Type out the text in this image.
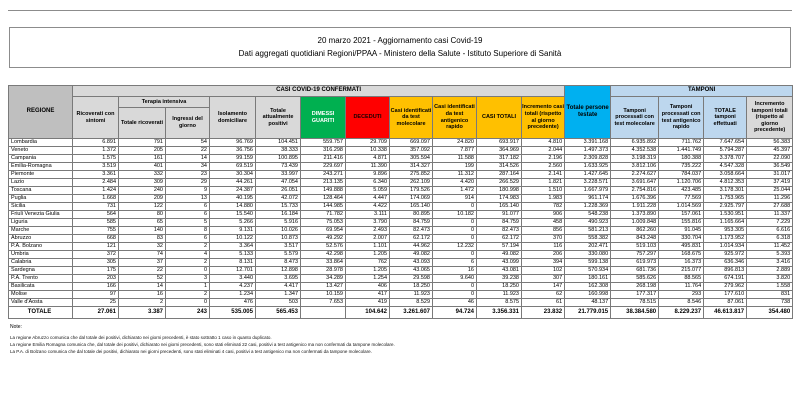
20 marzo 2021 - Aggiornamento casi Covid-19
Dati aggregati quotidiani Regioni/PPAA - Ministero della Salute - Istituto Superiore di Sanità
REGIONE	CASI COVID-19 CONFERMATI											Totale persone testate	TAMPONI			
	Ricoverati con sintomi	Terapia intensiva		Isolamento domiciliare	Totale attualmente positivi	DIMESSI GUARITI	DECEDUTI	Casi identificati da test molecolare	Casi identificati da test antigenico rapido	CASI TOTALI	Incremento casi totali (rispetto al giorno precedente)		Tamponi processati con test molecolare	Tamponi processati con test antigenico rapido	TOTALE tamponi effettuati	Incremento tamponi totali (rispetto al giorno precedente)
		Totale ricoverati	Ingressi del giorno													
Lombardia	6.891	791	54	96.769	104.451	559.757	29.709	669.097	24.820	693.917	4.810	3.391.168	6.935.892	711.762	7.647.654	56.383
Veneto	1.372	205	22	36.756	38.333	316.298	10.338	357.092	7.877	364.969	2.044	1.497.373	4.352.538	1.441.749	5.794.287	45.397
Campania	1.575	161	14	99.159	100.895	211.416	4.871	305.594	11.588	317.182	2.196	2.309.828	3.198.319	180.388	3.378.707	22.090
Emilia-Romagna	3.519	401	34	69.519	73.439	229.697	11.390	314.327	199	314.526	2.560	1.633.925	3.812.106	735.222	4.547.328	36.549
Piemonte	3.361	332	23	30.304	33.997	243.271	9.896	275.852	11.312	287.164	2.141	1.427.645	2.274.627	784.037	3.058.664	31.017
Lazio	2.484	309	29	44.261	47.054	213.135	6.340	262.109	4.420	266.529	1.821	3.228.571	3.691.647	1.120.706	4.812.353	37.419
Toscana	1.424	240	9	24.387	26.051	149.888	5.059	179.526	1.472	180.998	1.510	1.667.979	2.754.816	423.485	3.178.301	25.044
Puglia	1.668	209	13	40.195	42.072	128.464	4.447	174.069	914	174.983	1.983	961.174	1.676.396	77.569	1.753.965	11.296
Sicilia	731	122	6	14.880	15.733	144.985	4.422	165.140	0	165.140	782	1.228.369	1.911.228	1.014.569	2.925.797	27.688
Friuli Venezia Giulia	564	80	6	15.540	16.184	71.782	3.111	80.895	10.182	91.077	906	548.238	1.373.890	157.061	1.530.951	11.337
Liguria	585	65	5	5.266	5.916	75.053	3.790	84.759	0	84.759	458	490.923	1.009.848	155.816	1.165.664	7.229
Marche	755	140	8	9.131	10.026	69.954	2.493	82.473	0	82.473	856	581.213	862.260	91.045	953.305	6.616
Abruzzo	668	83	6	10.122	10.873	49.292	2.007	62.172	0	62.172	370	558.382	843.248	330.704	1.173.952	6.318
P.A. Bolzano	121	32	2	3.364	3.517	52.576	1.101	44.962	12.232	57.194	116	202.471	519.103	495.831	1.014.934	11.452
Umbria	372	74	4	5.133	5.579	42.298	1.205	49.082	0	49.082	206	330.080	757.297	168.675	925.972	5.393
Calabria	305	37	2	8.131	8.473	33.864	762	43.093	6	43.099	394	599.138	619.973	16.373	636.346	3.416
Sardegna	175	22	0	12.701	12.898	28.978	1.205	43.065	16	43.081	102	570.934	681.736	215.077	896.813	2.889
P.A. Trento	203	52	3	3.440	3.695	34.289	1.254	29.598	9.640	39.238	307	180.161	585.626	88.565	674.191	3.820
Basilicata	166	14	1	4.237	4.417	13.427	406	18.250	0	18.250	147	162.308	268.198	11.764	279.962	1.558
Molise	97	16	2	1.234	1.347	10.159	417	11.923	0	11.923	62	160.998	177.317	293	177.610	831
Valle d'Aosta	25	2	0	476	503	7.653	419	8.529	46	8.575	61	48.137	78.515	8.546	87.061	738
TOTALE	27.061	3.387	243	535.005	565.453	2.686.236	104.642	3.261.607	94.724	3.356.331	23.832	21.779.015	38.384.580	8.229.237	46.613.817	354.480
Note:
La regione Abruzzo comunica che dal totale dei positivi, dichiarato nei giorni precedenti, è stato sottratto 1 caso in quanto duplicato.
La regione Emilia Romagna comunica che, dal totale dei positivi, dichiarato nei giorni precedenti, sono stati eliminati 22 casi, positivi a test antigenico ma non confermati da tampone molecolare.
La P.A. di Bolzano comunica che dal totale dei positivi, dichiarato nei giorni precedenti, sono stati eliminati 4 casi, positivi a test antigenico ma non confermati da tampone molecolare.
